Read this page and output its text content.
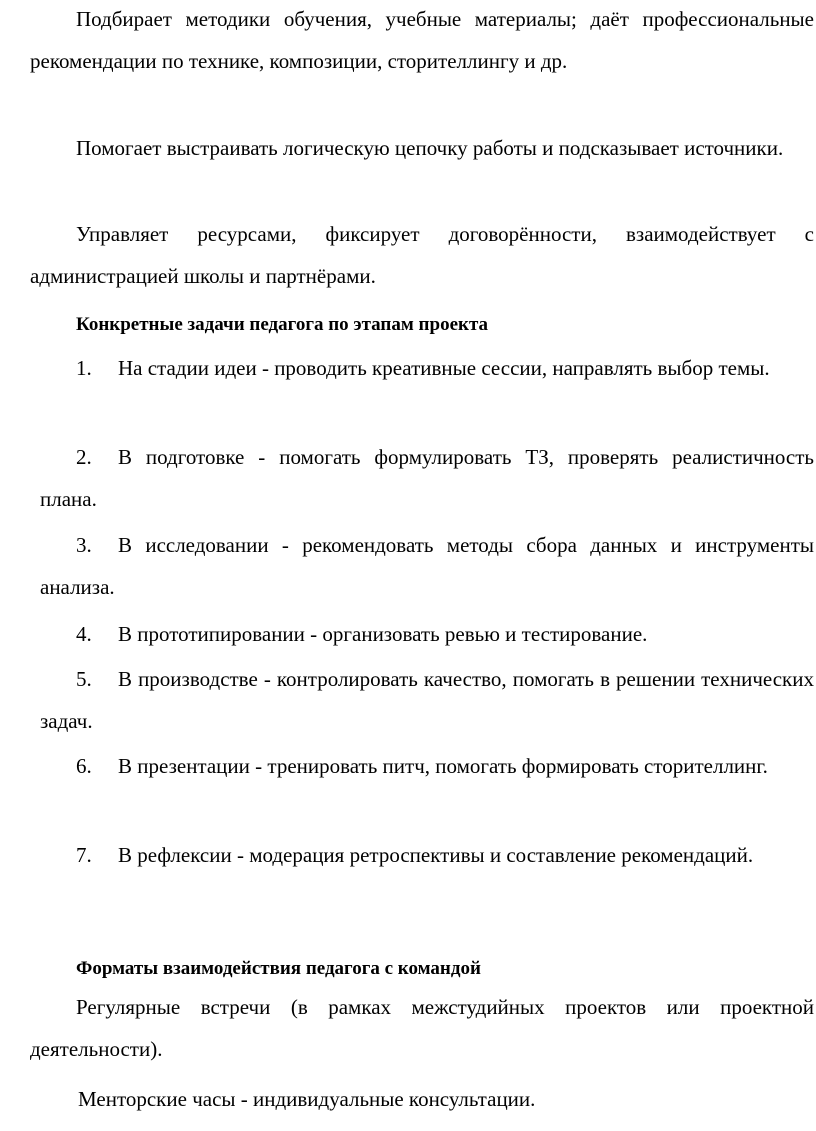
Подбирает методики обучения, учебные материалы; даёт профессиональные рекомендации по технике, композиции, сторителлингу и др.
Помогает выстраивать логическую цепочку работы и подсказывает источники.
Управляет ресурсами, фиксирует договорённости, взаимодействует с администрацией школы и партнёрами.
Конкретные задачи педагога по этапам проекта
1. На стадии идеи - проводить креативные сессии, направлять выбор темы.
2. В подготовке - помогать формулировать ТЗ, проверять реалистичность плана.
3. В исследовании - рекомендовать методы сбора данных и инструменты анализа.
4. В прототипировании - организовать ревью и тестирование.
5. В производстве - контролировать качество, помогать в решении технических задач.
6. В презентации - тренировать питч, помогать формировать сторителлинг.
7. В рефлексии - модерация ретроспективы и составление рекомендаций.
Форматы взаимодействия педагога с командой
Регулярные встречи (в рамках межстудийных проектов или проектной деятельности).
Менторские часы - индивидуальные консультации.
